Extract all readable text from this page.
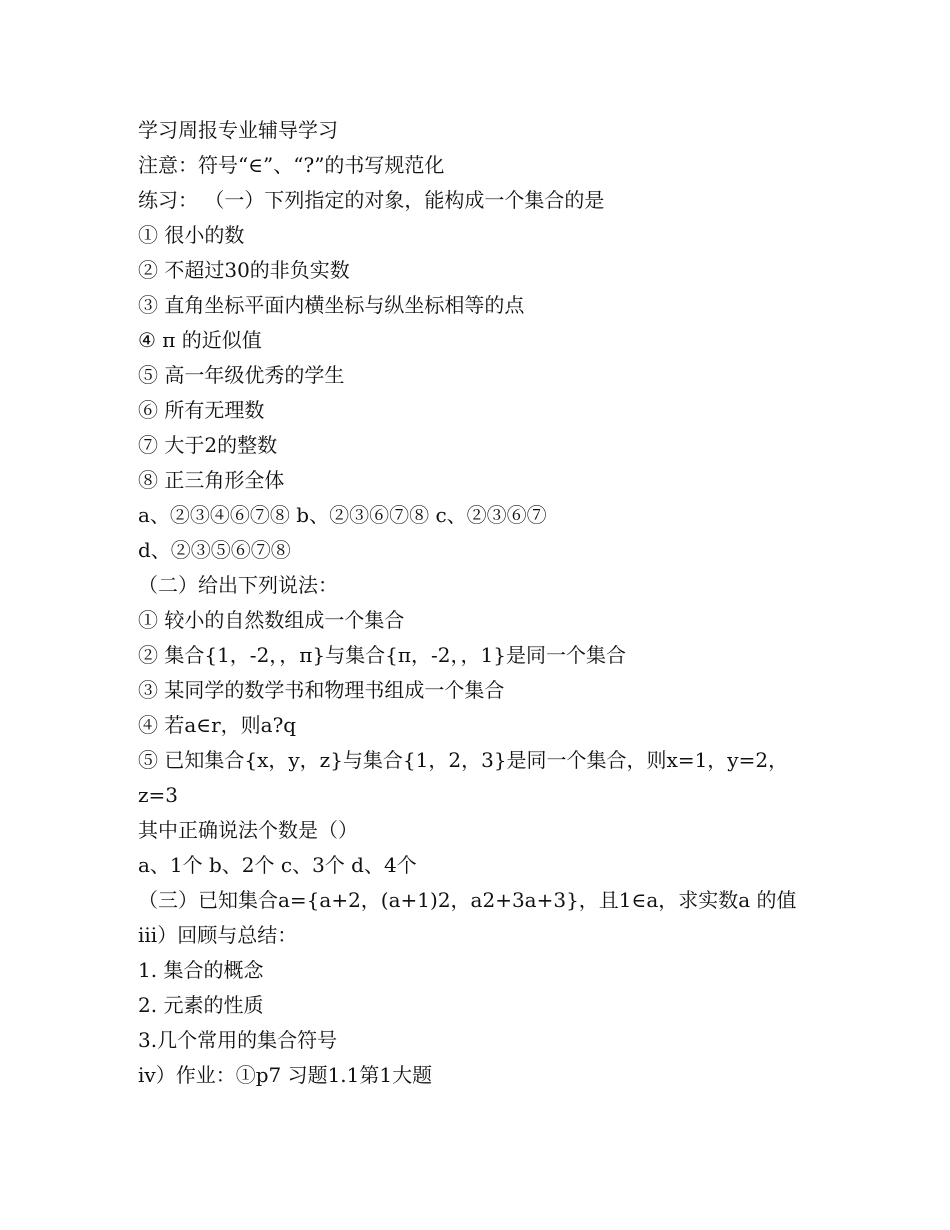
学习周报专业辅导学习

注意：符号“∈”、“?”的书写规范化

练习： （一）下列指定的对象，能构成一个集合的是

① 很小的数

② 不超过30的非负实数

③ 直角坐标平面内横坐标与纵坐标相等的点

④ π 的近似值

⑤ 高一年级优秀的学生

⑥ 所有无理数

⑦ 大于2的整数

⑧ 正三角形全体

a、②③④⑥⑦⑧ b、②③⑥⑦⑧ c、②③⑥⑦

d、②③⑤⑥⑦⑧

（二）给出下列说法：

① 较小的自然数组成一个集合

② 集合{1，-2，，π}与集合{π，-2，，1}是同一个集合

③ 某同学的数学书和物理书组成一个集合

④ 若a∈r，则a?q

⑤ 已知集合{x，y，z}与集合{1，2，3}是同一个集合，则x=1，y=2，z=3

其中正确说法个数是（）

a、1个 b、2个 c、3个 d、4个

（三）已知集合a={a+2，(a+1)2，a2+3a+3}，且1∈a，求实数a 的值

iii）回顾与总结：

1. 集合的概念

2. 元素的性质

3.几个常用的集合符号

iv）作业：①p7 习题1.1第1大题
